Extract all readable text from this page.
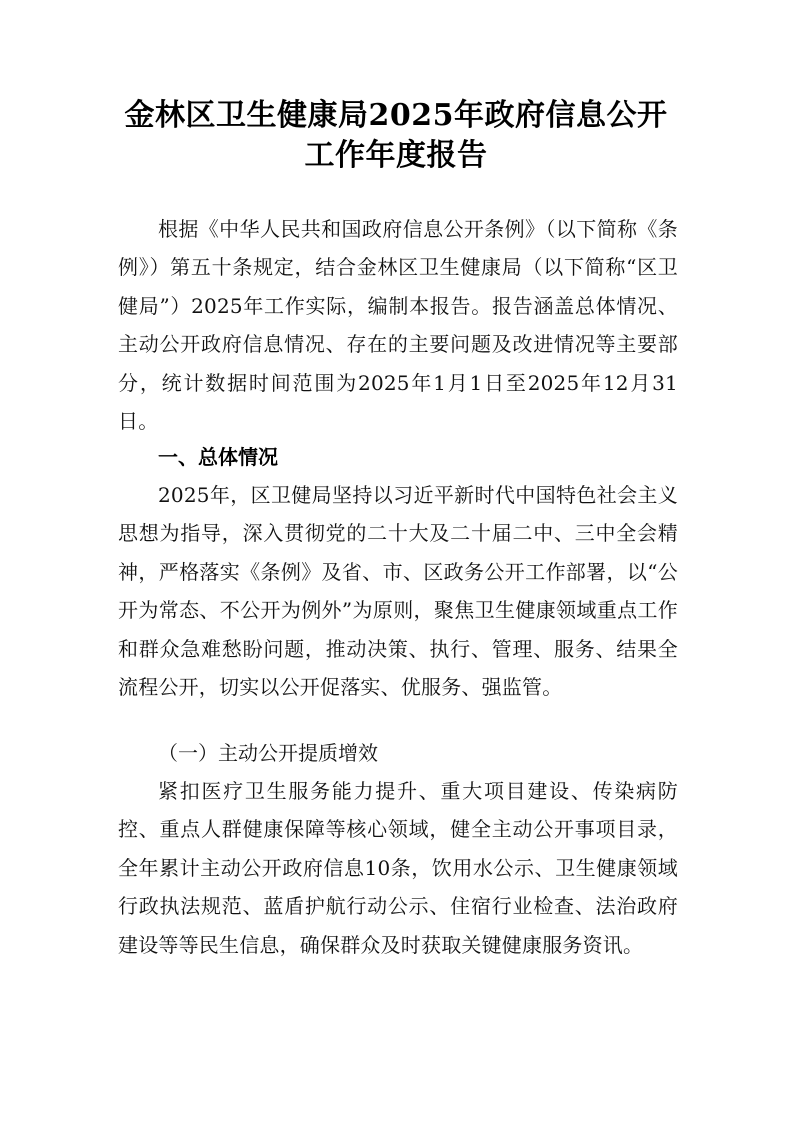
金林区卫生健康局2025年政府信息公开
工作年度报告

根据《中华人民共和国政府信息公开条例》（以下简称《条例》）第五十条规定，结合金林区卫生健康局（以下简称“区卫健局”）2025年工作实际，编制本报告。报告涵盖总体情况、主动公开政府信息情况、存在的主要问题及改进情况等主要部分，统计数据时间范围为2025年1月1日至2025年12月31日。

一、总体情况

2025年，区卫健局坚持以习近平新时代中国特色社会主义思想为指导，深入贯彻党的二十大及二十届二中、三中全会精神，严格落实《条例》及省、市、区政务公开工作部署，以“公开为常态、不公开为例外”为原则，聚焦卫生健康领域重点工作和群众急难愁盼问题，推动决策、执行、管理、服务、结果全流程公开，切实以公开促落实、优服务、强监管。

（一）主动公开提质增效

紧扣医疗卫生服务能力提升、重大项目建设、传染病防控、重点人群健康保障等核心领域，健全主动公开事项目录，全年累计主动公开政府信息10条，饮用水公示、卫生健康领域行政执法规范、蓝盾护航行动公示、住宿行业检查、法治政府建设等等民生信息，确保群众及时获取关键健康服务资讯。
